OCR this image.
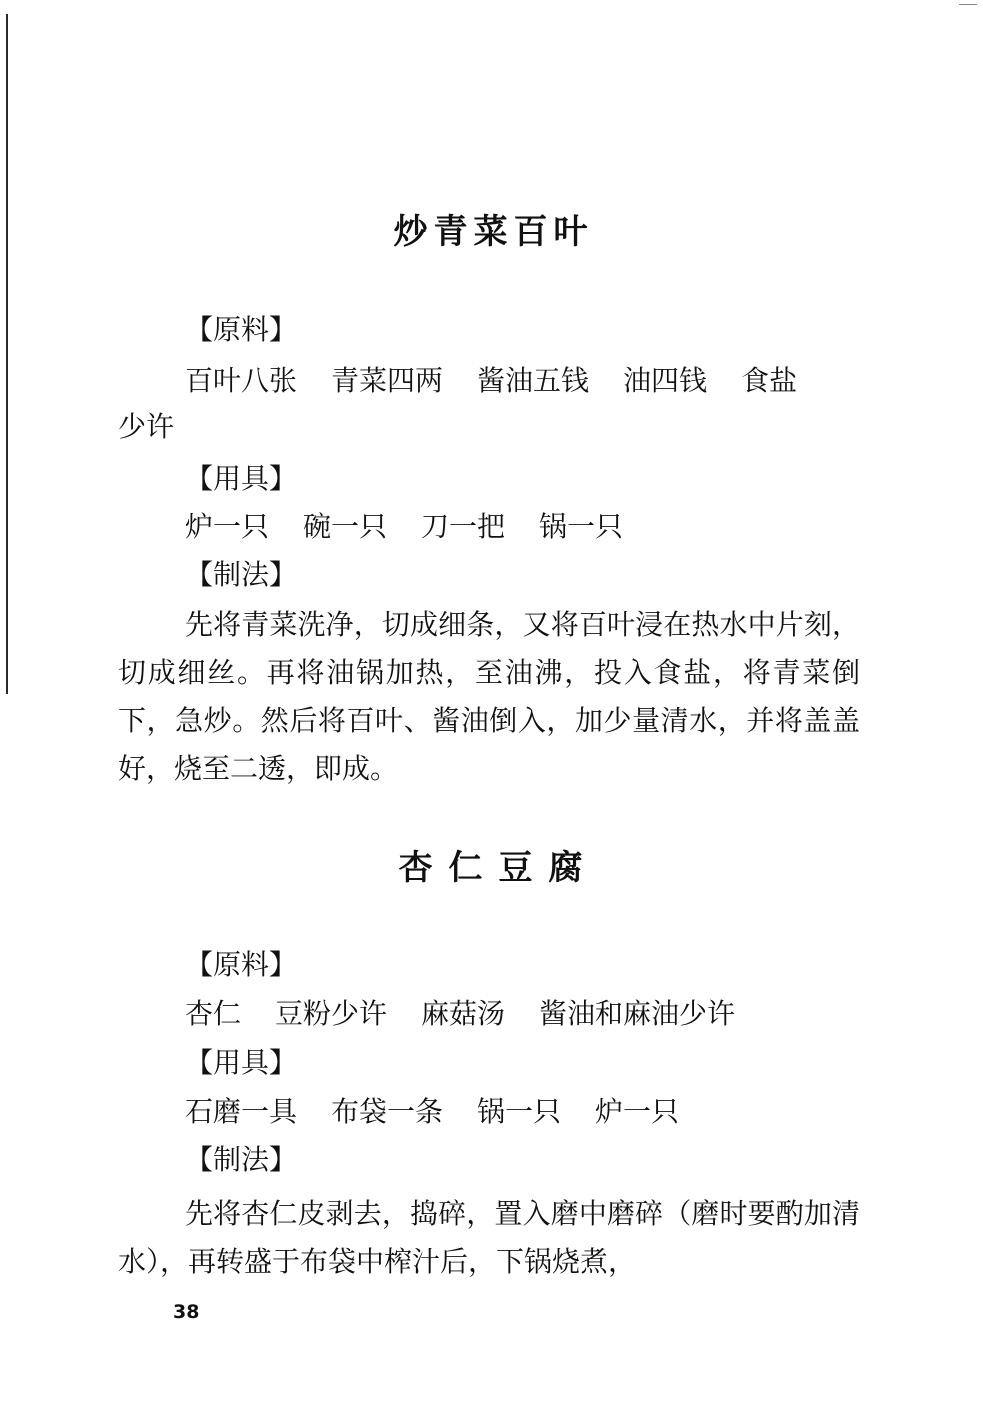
炒青菜百叶
【原料】
百叶八张 青菜四两 酱油五钱 油四钱 食盐
少许
【用具】
炉一只 碗一只 刀一把 锅一只
【制法】

先将青菜洗净，切成细条，又将百叶浸在热水中片刻，切成细丝。再将油锅加热，至油沸，投入食盐，将青菜倒下，急炒。然后将百叶、酱油倒入，加少量清水，并将盖盖好，烧至二透，即成。

杏仁豆腐
【原料】
杏仁 豆粉少许 麻菇汤 酱油和麻油少许
【用具】
石磨一具 布袋一条 锅一只 炉一只
【制法】

先将杏仁皮剥去，捣碎，置入磨中磨碎（磨时要酌加清水），再转盛于布袋中榨汁后，下锅烧煮，

38
